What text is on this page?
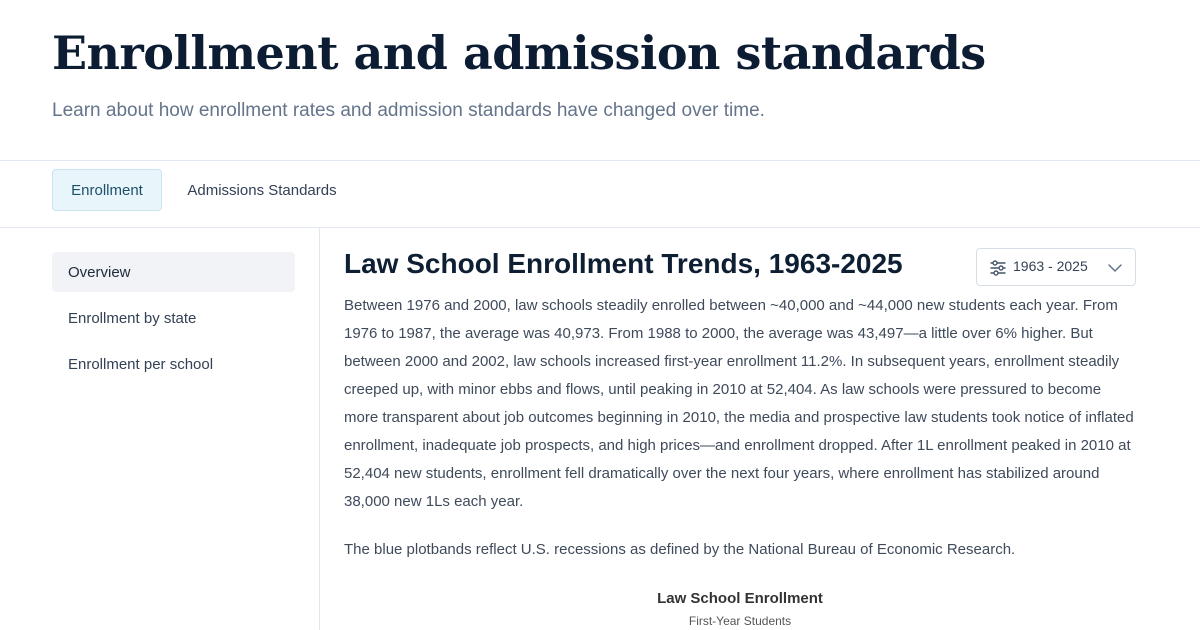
Enrollment and admission standards

Learn about how enrollment rates and admission standards have changed over time.

Enrollment	Admissions Standards
Overview
Enrollment by state
Enrollment per school
Law School Enrollment Trends, 1963-2025	1963 - 2025

Between 1976 and 2000, law schools steadily enrolled between ~40,000 and ~44,000 new students each year. From 1976 to 1987, the average was 40,973. From 1988 to 2000, the average was 43,497—a little over 6% higher. But between 2000 and 2002, law schools increased first-year enrollment 11.2%. In subsequent years, enrollment steadily creeped up, with minor ebbs and flows, until peaking in 2010 at 52,404. As law schools were pressured to become more transparent about job outcomes beginning in 2010, the media and prospective law students took notice of inflated enrollment, inadequate job prospects, and high prices—and enrollment dropped. After 1L enrollment peaked in 2010 at 52,404 new students, enrollment fell dramatically over the next four years, where enrollment has stabilized around 38,000 new 1Ls each year.

The blue plotbands reflect U.S. recessions as defined by the National Bureau of Economic Research.

Law School Enrollment
First-Year Students
